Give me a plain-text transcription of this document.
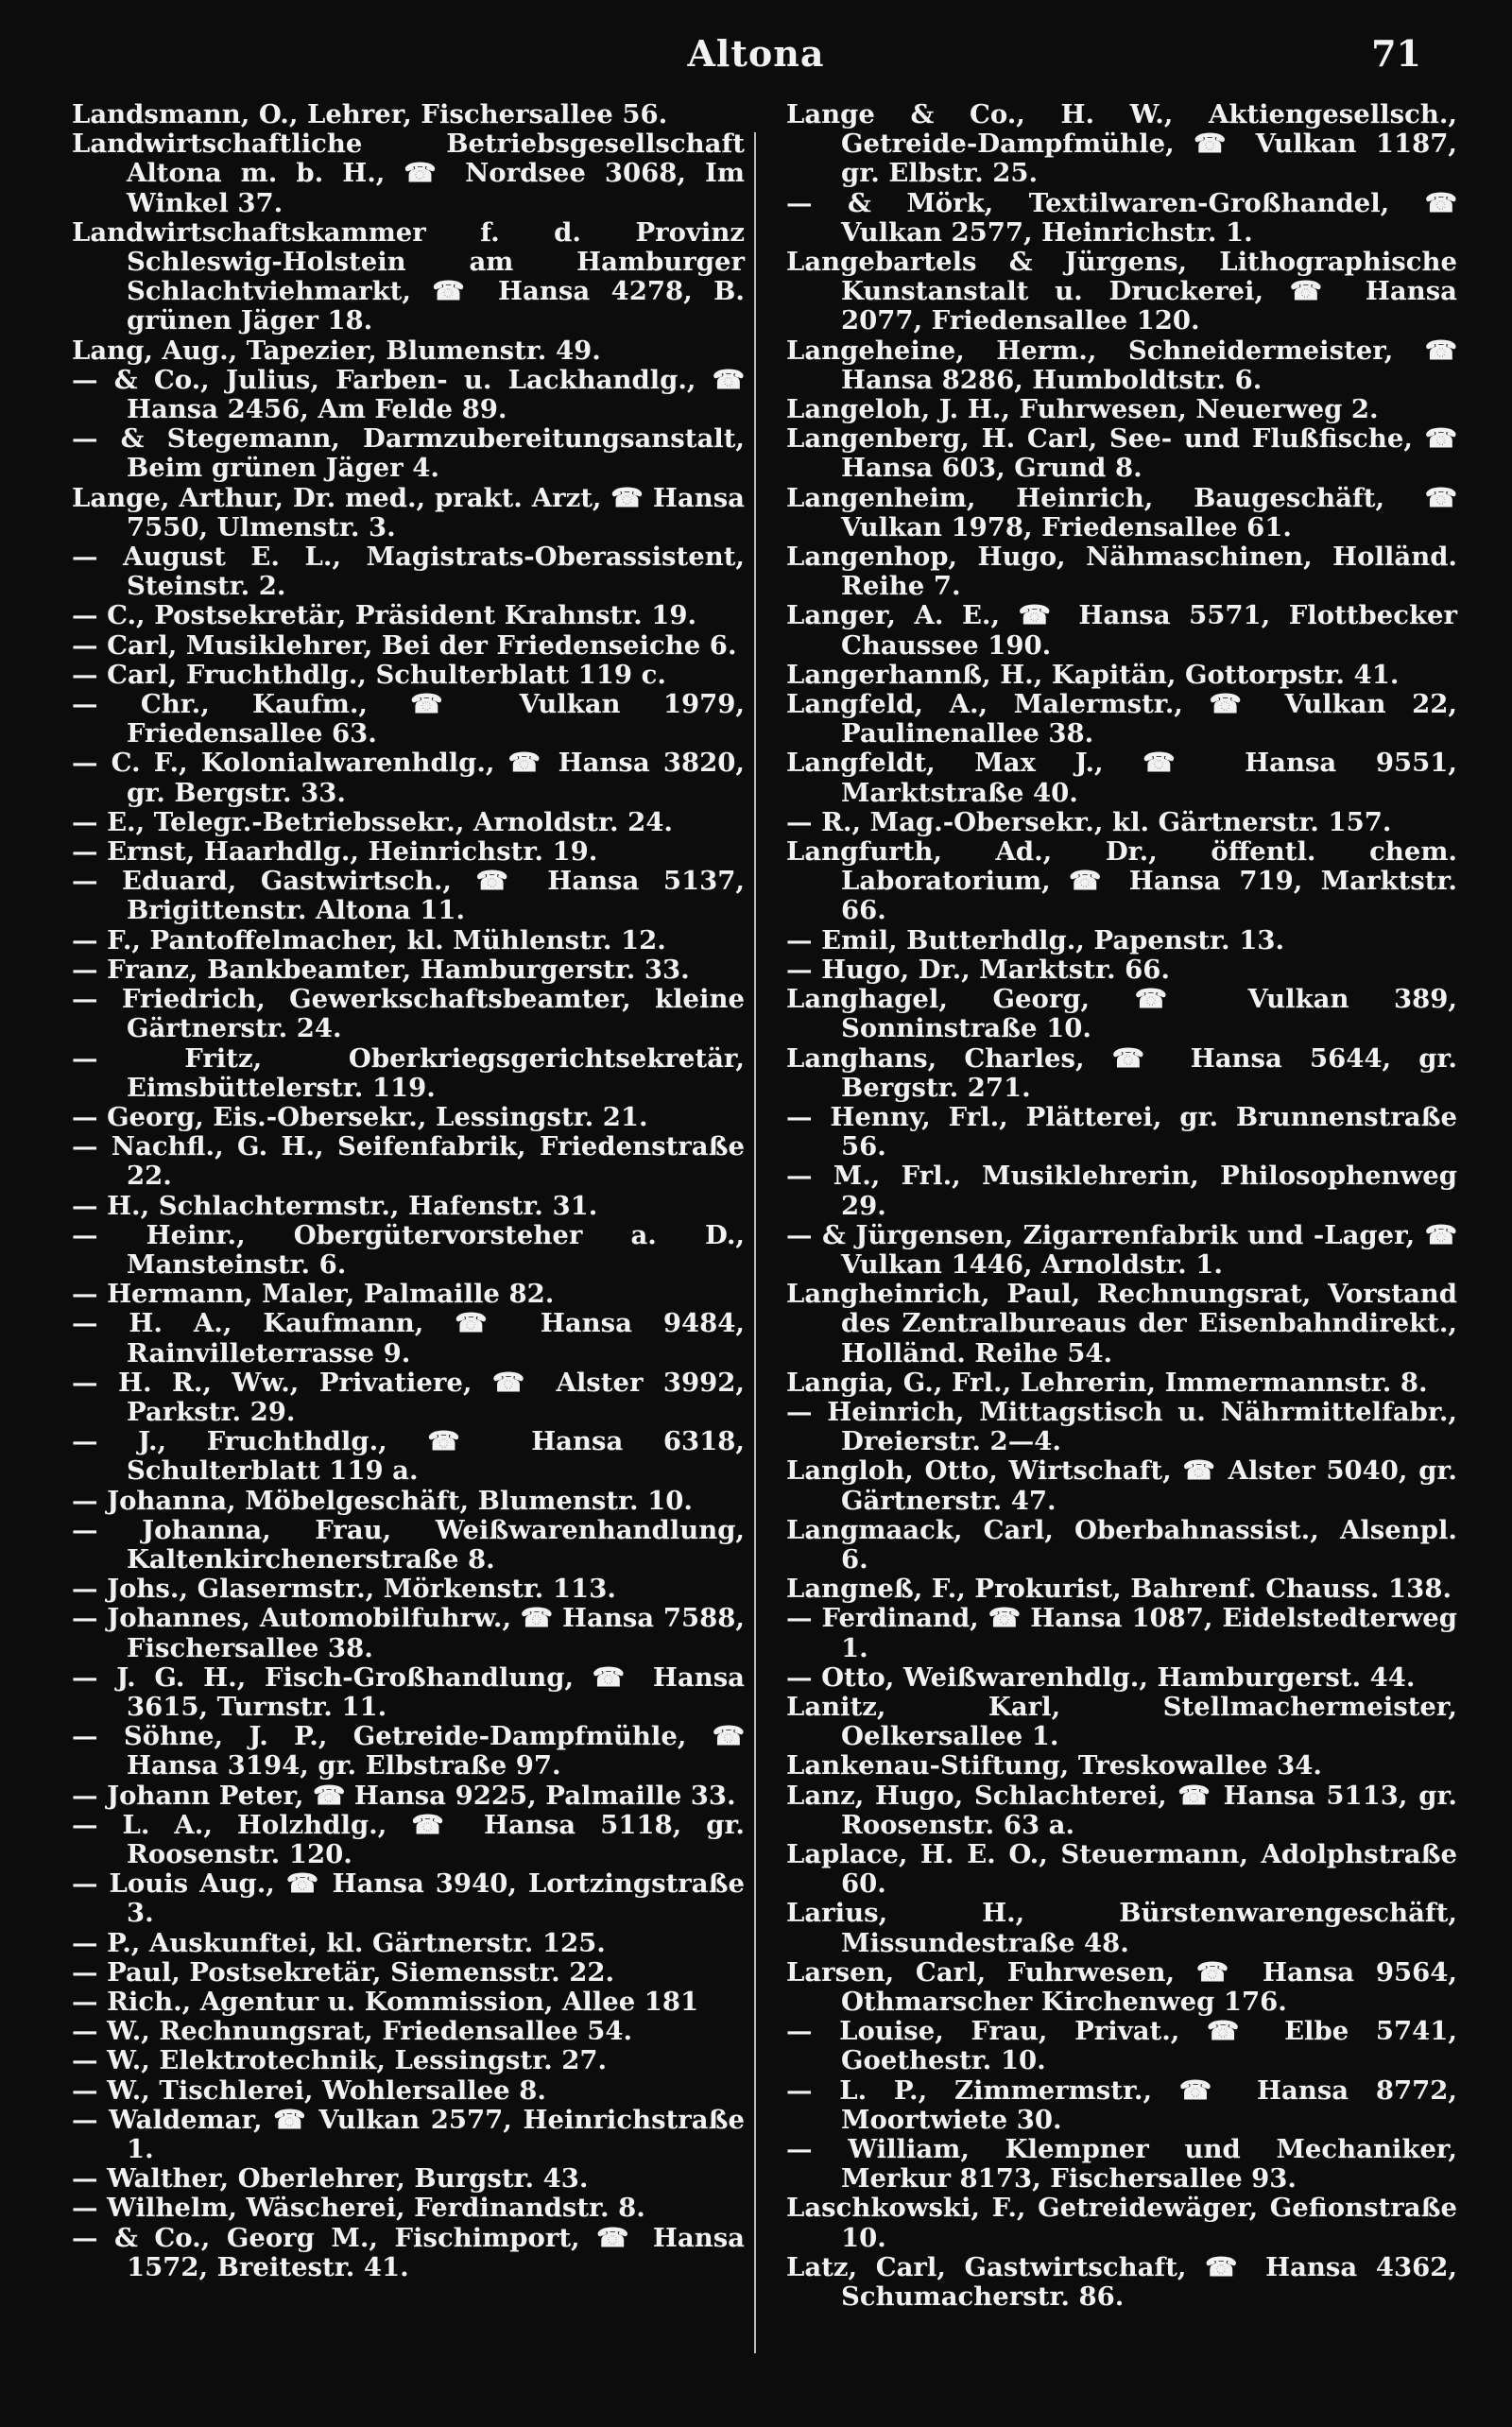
Altona	71
Landsmann, O., Lehrer, Fischersallee 56.
Landwirtschaftliche Betriebsgesellschaft Altona m. b. H., ☎ Nordsee 3068, Im Winkel 37.
Landwirtschaftskammer f. d. Provinz Schleswig-Holstein am Hamburger Schlachtviehmarkt, ☎ Hansa 4278, B. grünen Jäger 18.
Lang, Aug., Tapezier, Blumenstr. 49.
— & Co., Julius, Farben- u. Lackhandlg., ☎ Hansa 2456, Am Felde 89.
— & Stegemann, Darmzubereitungsanstalt, Beim grünen Jäger 4.
Lange, Arthur, Dr. med., prakt. Arzt, ☎ Hansa 7550, Ulmenstr. 3.
— August E. L., Magistrats-Oberassistent, Steinstr. 2.
— C., Postsekretär, Präsident Krahnstr. 19.
— Carl, Musiklehrer, Bei der Friedenseiche 6.
— Carl, Fruchthdlg., Schulterblatt 119 c.
— Chr., Kaufm., ☎ Vulkan 1979, Friedensallee 63.
— C. F., Kolonialwarenhdlg., ☎ Hansa 3820, gr. Bergstr. 33.
— E., Telegr.-Betriebssekr., Arnoldstr. 24.
— Ernst, Haarhdlg., Heinrichstr. 19.
— Eduard, Gastwirtsch., ☎ Hansa 5137, Brigittenstr. Altona 11.
— F., Pantoffelmacher, kl. Mühlenstr. 12.
— Franz, Bankbeamter, Hamburgerstr. 33.
— Friedrich, Gewerkschaftsbeamter, kleine Gärtnerstr. 24.
— Fritz, Oberkriegsgerichtsekretär, Eimsbüttelerstr. 119.
— Georg, Eis.-Obersekr., Lessingstr. 21.
— Nachfl., G. H., Seifenfabrik, Friedenstraße 22.
— H., Schlachtermstr., Hafenstr. 31.
— Heinr., Obergütervorsteher a. D., Mansteinstr. 6.
— Hermann, Maler, Palmaille 82.
— H. A., Kaufmann, ☎ Hansa 9484, Rainvilleterrasse 9.
— H. R., Ww., Privatiere, ☎ Alster 3992, Parkstr. 29.
— J., Fruchthdlg., ☎ Hansa 6318, Schulterblatt 119 a.
— Johanna, Möbelgeschäft, Blumenstr. 10.
— Johanna, Frau, Weißwarenhandlung, Kaltenkirchenerstraße 8.
— Johs., Glasermstr., Mörkenstr. 113.
— Johannes, Automobilfuhrw., ☎ Hansa 7588, Fischersallee 38.
— J. G. H., Fisch-Großhandlung, ☎ Hansa 3615, Turnstr. 11.
— Söhne, J. P., Getreide-Dampfmühle, ☎ Hansa 3194, gr. Elbstraße 97.
— Johann Peter, ☎ Hansa 9225, Palmaille 33.
— L. A., Holzhdlg., ☎ Hansa 5118, gr. Roosenstr. 120.
— Louis Aug., ☎ Hansa 3940, Lortzingstraße 3.
— P., Auskunftei, kl. Gärtnerstr. 125.
— Paul, Postsekretär, Siemensstr. 22.
— Rich., Agentur u. Kommission, Allee 181
— W., Rechnungsrat, Friedensallee 54.
— W., Elektrotechnik, Lessingstr. 27.
— W., Tischlerei, Wohlersallee 8.
— Waldemar, ☎ Vulkan 2577, Heinrichstraße 1.
— Walther, Oberlehrer, Burgstr. 43.
— Wilhelm, Wäscherei, Ferdinandstr. 8.
— & Co., Georg M., Fischimport, ☎ Hansa 1572, Breitestr. 41.
Lange & Co., H. W., Aktiengesellsch., Getreide-Dampfmühle, ☎ Vulkan 1187, gr. Elbstr. 25.
— & Mörk, Textilwaren-Großhandel, ☎ Vulkan 2577, Heinrichstr. 1.
Langebartels & Jürgens, Lithographische Kunstanstalt u. Druckerei, ☎ Hansa 2077, Friedensallee 120.
Langeheine, Herm., Schneidermeister, ☎ Hansa 8286, Humboldtstr. 6.
Langeloh, J. H., Fuhrwesen, Neuerweg 2.
Langenberg, H. Carl, See- und Flußfische, ☎ Hansa 603, Grund 8.
Langenheim, Heinrich, Baugeschäft, ☎ Vulkan 1978, Friedensallee 61.
Langenhop, Hugo, Nähmaschinen, Holländ. Reihe 7.
Langer, A. E., ☎ Hansa 5571, Flottbecker Chaussee 190.
Langerhannß, H., Kapitän, Gottorpstr. 41.
Langfeld, A., Malermstr., ☎ Vulkan 22, Paulinenallee 38.
Langfeldt, Max J., ☎ Hansa 9551, Marktstraße 40.
— R., Mag.-Obersekr., kl. Gärtnerstr. 157.
Langfurth, Ad., Dr., öffentl. chem. Laboratorium, ☎ Hansa 719, Marktstr. 66.
— Emil, Butterhdlg., Papenstr. 13.
— Hugo, Dr., Marktstr. 66.
Langhagel, Georg, ☎ Vulkan 389, Sonninstraße 10.
Langhans, Charles, ☎ Hansa 5644, gr. Bergstr. 271.
— Henny, Frl., Plätterei, gr. Brunnenstraße 56.
— M., Frl., Musiklehrerin, Philosophenweg 29.
— & Jürgensen, Zigarrenfabrik und -Lager, ☎ Vulkan 1446, Arnoldstr. 1.
Langheinrich, Paul, Rechnungsrat, Vorstand des Zentralbureaus der Eisenbahndirekt., Holländ. Reihe 54.
Langia, G., Frl., Lehrerin, Immermannstr. 8.
— Heinrich, Mittagstisch u. Nährmittelfabr., Dreierstr. 2—4.
Langloh, Otto, Wirtschaft, ☎ Alster 5040, gr. Gärtnerstr. 47.
Langmaack, Carl, Oberbahnassist., Alsenpl. 6.
Langneß, F., Prokurist, Bahrenf. Chauss. 138.
— Ferdinand, ☎ Hansa 1087, Eidelstedterweg 1.
— Otto, Weißwarenhdlg., Hamburgerst. 44.
Lanitz, Karl, Stellmachermeister, Oelkersallee 1.
Lankenau-Stiftung, Treskowallee 34.
Lanz, Hugo, Schlachterei, ☎ Hansa 5113, gr. Roosenstr. 63 a.
Laplace, H. E. O., Steuermann, Adolphstraße 60.
Larius, H., Bürstenwarengeschäft, Missundestraße 48.
Larsen, Carl, Fuhrwesen, ☎ Hansa 9564, Othmarscher Kirchenweg 176.
— Louise, Frau, Privat., ☎ Elbe 5741, Goethestr. 10.
— L. P., Zimmermstr., ☎ Hansa 8772, Moortwiete 30.
— William, Klempner und Mechaniker, Merkur 8173, Fischersallee 93.
Laschkowski, F., Getreidewäger, Gefionstraße 10.
Latz, Carl, Gastwirtschaft, ☎ Hansa 4362, Schumacherstr. 86.
